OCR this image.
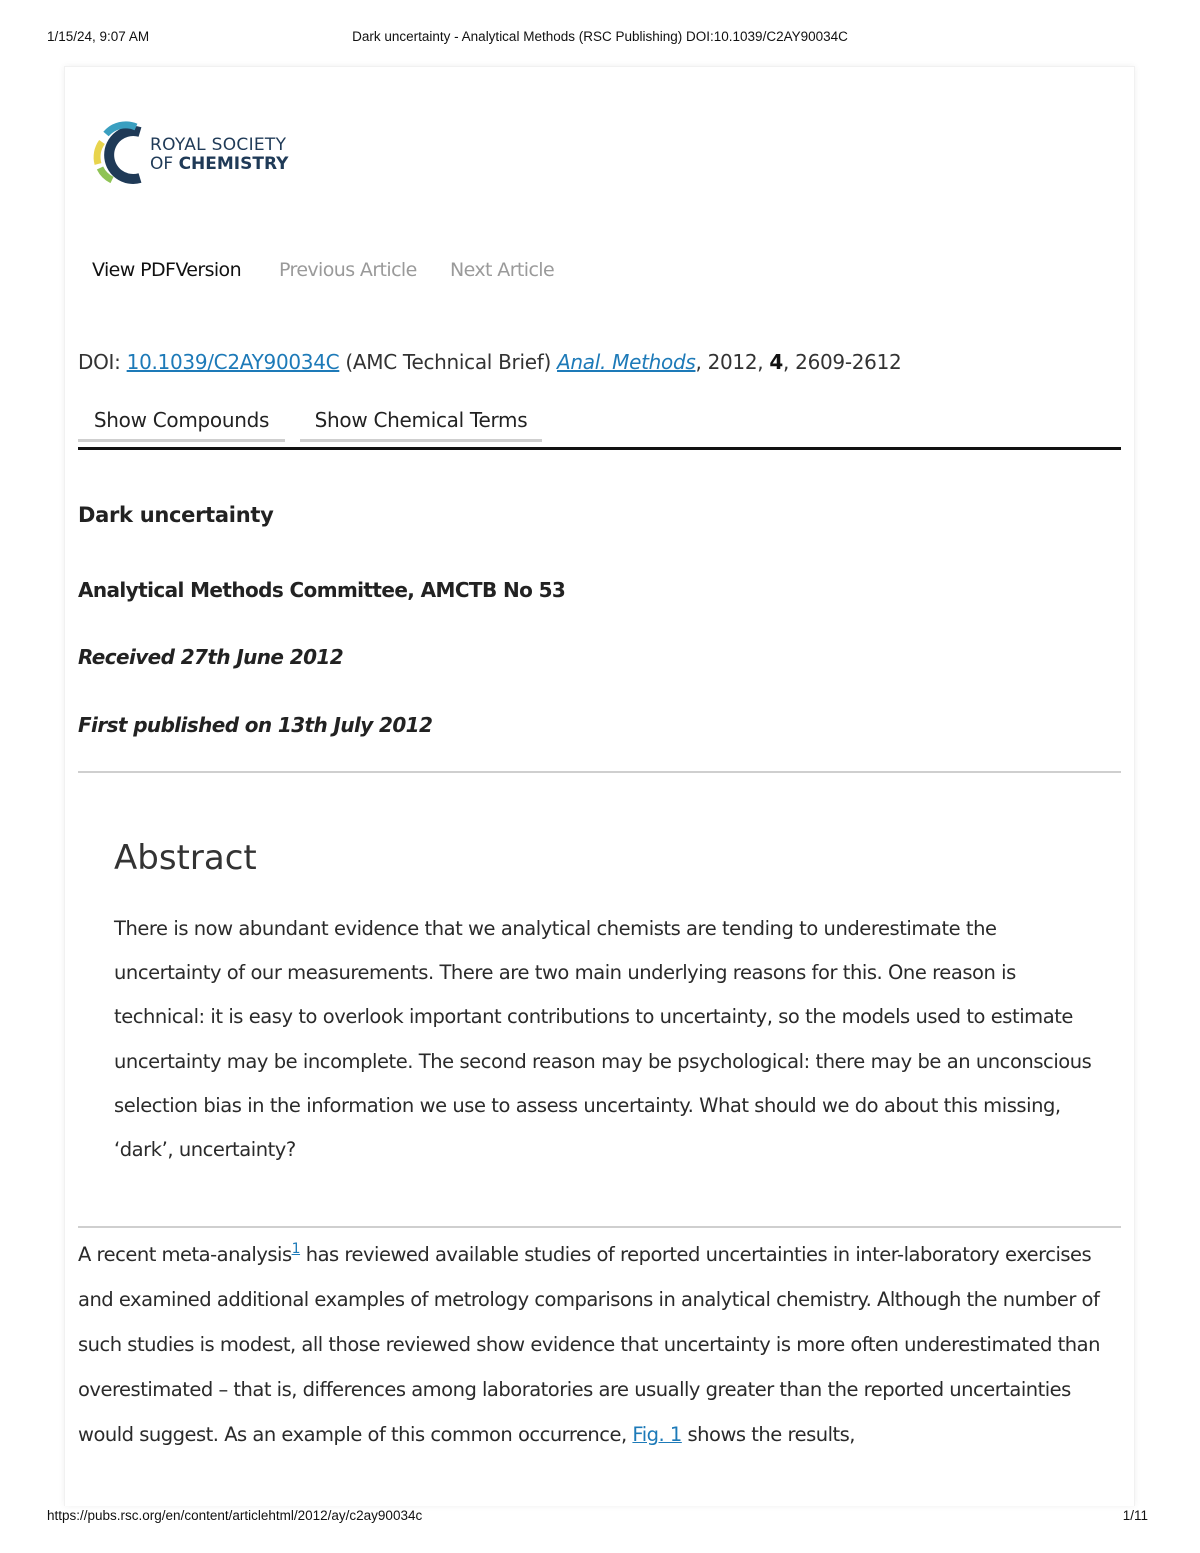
1/15/24, 9:07 AM	Dark uncertainty - Analytical Methods (RSC Publishing) DOI:10.1039/C2AY90034C
ROYAL SOCIETY
OF CHEMISTRY
View PDFVersion Previous Article Next Article
DOI: 10.1039/C2AY90034C (AMC Technical Brief) Anal. Methods, 2012, 4, 2609-2612
Show Compounds	Show Chemical Terms
Dark uncertainty
Analytical Methods Committee, AMCTB No 53
Received 27th June 2012
First published on 13th July 2012
Abstract
There is now abundant evidence that we analytical chemists are tending to underestimate the uncertainty of our measurements. There are two main underlying reasons for this. One reason is technical: it is easy to overlook important contributions to uncertainty, so the models used to estimate uncertainty may be incomplete. The second reason may be psychological: there may be an unconscious selection bias in the information we use to assess uncertainty. What should we do about this missing, ‘dark’, uncertainty?
A recent meta-analysis$^1$ has reviewed available studies of reported uncertainties in inter-laboratory exercises and examined additional examples of metrology comparisons in analytical chemistry. Although the number of such studies is modest, all those reviewed show evidence that uncertainty is more often underestimated than overestimated – that is, differences among laboratories are usually greater than the reported uncertainties would suggest. As an example of this common occurrence, Fig. 1 shows the results,
https://pubs.rsc.org/en/content/articlehtml/2012/ay/c2ay90034c	1/11
